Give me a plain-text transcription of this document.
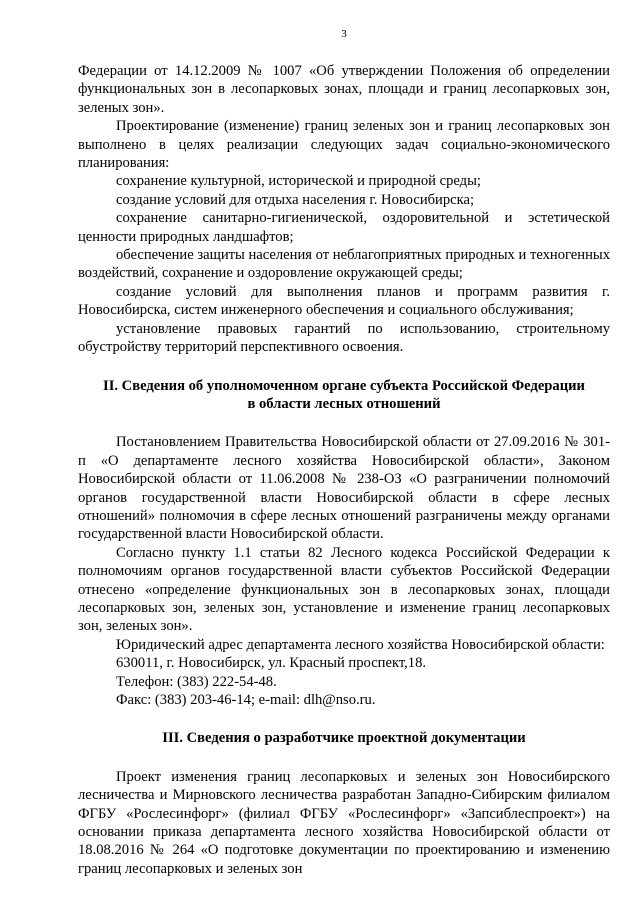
3

Федерации от 14.12.2009 № 1007 «Об утверждении Положения об определении функциональных зон в лесопарковых зонах, площади и границ лесопарковых зон, зеленых зон».

Проектирование (изменение) границ зеленых зон и границ лесопарковых зон выполнено в целях реализации следующих задач социально-экономического планирования:

сохранение культурной, исторической и природной среды;

создание условий для отдыха населения г. Новосибирска;

сохранение санитарно-гигиенической, оздоровительной и эстетической ценности природных ландшафтов;

обеспечение защиты населения от неблагоприятных природных и техногенных воздействий, сохранение и оздоровление окружающей среды;

создание условий для выполнения планов и программ развития г. Новосибирска, систем инженерного обеспечения и социального обслуживания;

установление правовых гарантий по использованию, строительному обустройству территорий перспективного освоения.

II. Сведения об уполномоченном органе субъекта Российской Федерации
в области лесных отношений

Постановлением Правительства Новосибирской области от 27.09.2016 № 301-п «О департаменте лесного хозяйства Новосибирской области», Законом Новосибирской области от 11.06.2008 № 238-ОЗ «О разграничении полномочий органов государственной власти Новосибирской области в сфере лесных отношений» полномочия в сфере лесных отношений разграничены между органами государственной власти Новосибирской области.

Согласно пункту 1.1 статьи 82 Лесного кодекса Российской Федерации к полномочиям органов государственной власти субъектов Российской Федерации отнесено «определение функциональных зон в лесопарковых зонах, площади лесопарковых зон, зеленых зон, установление и изменение границ лесопарковых зон, зеленых зон».

Юридический адрес департамента лесного хозяйства Новосибирской области:

630011, г. Новосибирск, ул. Красный проспект,18.

Телефон: (383) 222-54-48.

Факс: (383) 203-46-14; e-mail: dlh@nso.ru.

III. Сведения о разработчике проектной документации

Проект изменения границ лесопарковых и зеленых зон Новосибирского лесничества и Мирновского лесничества разработан Западно-Сибирским филиалом ФГБУ «Рослесинфорг» (филиал ФГБУ «Рослесинфорг» «Запсиблеспроект») на основании приказа департамента лесного хозяйства Новосибирской области от 18.08.2016 № 264 «О подготовке документации по проектированию и изменению границ лесопарковых и зеленых зон
